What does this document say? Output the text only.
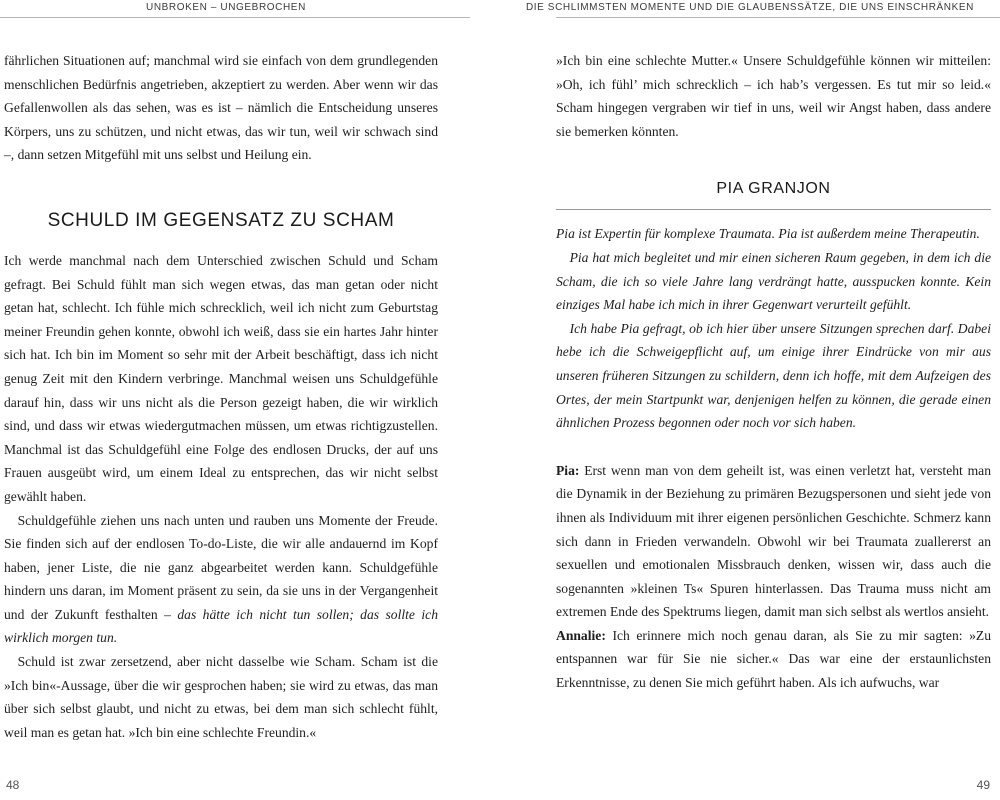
UNBROKEN – UNGEBROCHEN

fährlichen Situationen auf; manchmal wird sie einfach von dem grundlegenden menschlichen Bedürfnis angetrieben, akzeptiert zu werden. Aber wenn wir das Gefallenwollen als das sehen, was es ist – nämlich die Entscheidung unseres Körpers, uns zu schützen, und nicht etwas, das wir tun, weil wir schwach sind –, dann setzen Mitgefühl mit uns selbst und Heilung ein.

SCHULD IM GEGENSATZ ZU SCHAM

Ich werde manchmal nach dem Unterschied zwischen Schuld und Scham gefragt. Bei Schuld fühlt man sich wegen etwas, das man getan oder nicht getan hat, schlecht. Ich fühle mich schrecklich, weil ich nicht zum Geburtstag meiner Freundin gehen konnte, obwohl ich weiß, dass sie ein hartes Jahr hinter sich hat. Ich bin im Moment so sehr mit der Arbeit beschäftigt, dass ich nicht genug Zeit mit den Kindern verbringe. Manchmal weisen uns Schuldgefühle darauf hin, dass wir uns nicht als die Person gezeigt haben, die wir wirklich sind, und dass wir etwas wiedergutmachen müssen, um etwas richtigzustellen. Manchmal ist das Schuldgefühl eine Folge des endlosen Drucks, der auf uns Frauen ausgeübt wird, um einem Ideal zu entsprechen, das wir nicht selbst gewählt haben.

Schuldgefühle ziehen uns nach unten und rauben uns Momente der Freude. Sie finden sich auf der endlosen To-do-Liste, die wir alle andauernd im Kopf haben, jener Liste, die nie ganz abgearbeitet werden kann. Schuldgefühle hindern uns daran, im Moment präsent zu sein, da sie uns in der Vergangenheit und der Zukunft festhalten – das hätte ich nicht tun sollen; das sollte ich wirklich morgen tun.

Schuld ist zwar zersetzend, aber nicht dasselbe wie Scham. Scham ist die »Ich bin«-Aussage, über die wir gesprochen haben; sie wird zu etwas, das man über sich selbst glaubt, und nicht zu etwas, bei dem man sich schlecht fühlt, weil man es getan hat. »Ich bin eine schlechte Freundin.«

48
DIE SCHLIMMSTEN MOMENTE UND DIE GLAUBENSSÄTZE, DIE UNS EINSCHRÄNKEN

»Ich bin eine schlechte Mutter.« Unsere Schuldgefühle können wir mitteilen: »Oh, ich fühl’ mich schrecklich – ich hab’s vergessen. Es tut mir so leid.« Scham hingegen vergraben wir tief in uns, weil wir Angst haben, dass andere sie bemerken könnten.

PIA GRANJON

Pia ist Expertin für komplexe Traumata. Pia ist außerdem meine Therapeutin.

Pia hat mich begleitet und mir einen sicheren Raum gegeben, in dem ich die Scham, die ich so viele Jahre lang verdrängt hatte, ausspucken konnte. Kein einziges Mal habe ich mich in ihrer Gegenwart verurteilt gefühlt.

Ich habe Pia gefragt, ob ich hier über unsere Sitzungen sprechen darf. Dabei hebe ich die Schweigepflicht auf, um einige ihrer Eindrücke von mir aus unseren früheren Sitzungen zu schildern, denn ich hoffe, mit dem Aufzeigen des Ortes, der mein Startpunkt war, denjenigen helfen zu können, die gerade einen ähnlichen Prozess begonnen oder noch vor sich haben.

Pia: Erst wenn man von dem geheilt ist, was einen verletzt hat, versteht man die Dynamik in der Beziehung zu primären Bezugspersonen und sieht jede von ihnen als Individuum mit ihrer eigenen persönlichen Geschichte. Schmerz kann sich dann in Frieden verwandeln. Obwohl wir bei Traumata zuallererst an sexuellen und emotionalen Missbrauch denken, wissen wir, dass auch die sogenannten »kleinen Ts« Spuren hinterlassen. Das Trauma muss nicht am extremen Ende des Spektrums liegen, damit man sich selbst als wertlos ansieht.

Annalie: Ich erinnere mich noch genau daran, als Sie zu mir sagten: »Zu entspannen war für Sie nie sicher.« Das war eine der erstaunlichsten Erkenntnisse, zu denen Sie mich geführt haben. Als ich aufwuchs, war

49
